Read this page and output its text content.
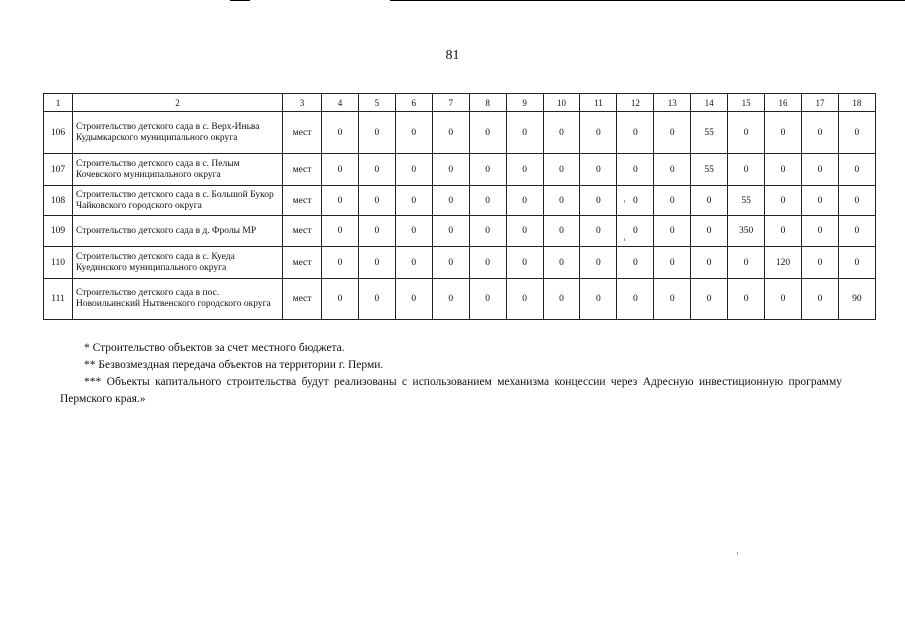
81
1	2	3	4	5	6	7	8	9	10	11	12	13	14	15	16	17	18
106	Строительство детского сада в с. Верх-Иньва Кудымкарского муниципального округа	мест	0	0	0	0	0	0	0	0	0	0	55	0	0	0	0
107	Строительство детского сада в с. Пелым Кочевского муниципального округа	мест	0	0	0	0	0	0	0	0	0	0	55	0	0	0	0
108	Строительство детского сада в с. Большой Букор Чайковского городского округа	мест	0	0	0	0	0	0	0	0	0	0	0	55	0	0	0
109	Строительство детского сада в д. Фролы МР	мест	0	0	0	0	0	0	0	0	0	0	0	350	0	0	0
110	Строительство детского сада в с. Куеда Куединского муниципального округа	мест	0	0	0	0	0	0	0	0	0	0	0	0	120	0	0
111	Строительство детского сада в пос. Новоильинский Нытвенского городского округа	мест	0	0	0	0	0	0	0	0	0	0	0	0	0	0	90

* Строительство объектов за счет местного бюджета.

** Безвозмездная передача объектов на территории г. Перми.

*** Объекты капитального строительства будут реализованы с использованием механизма концессии через Адресную инвестиционную программу Пермского края.»
